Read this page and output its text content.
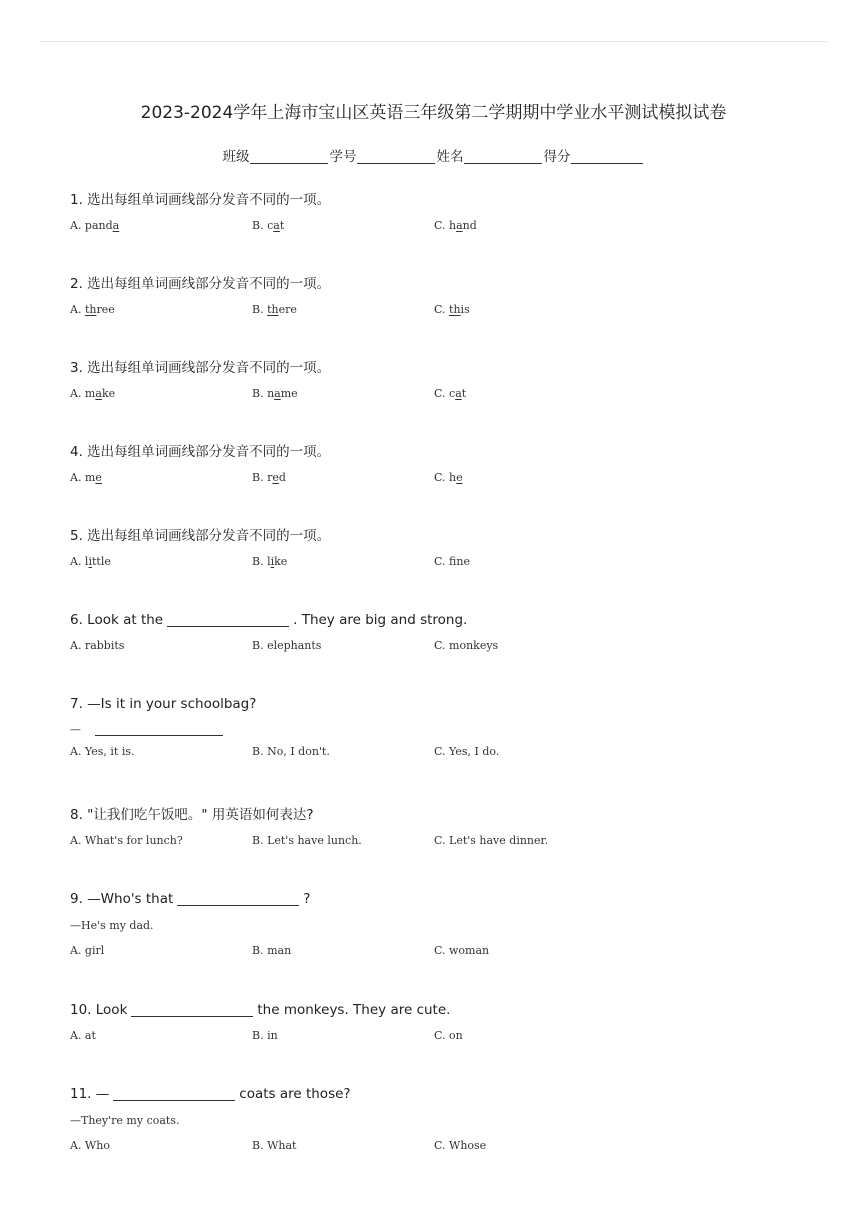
2023-2024学年上海市宝山区英语三年级第二学期期中学业水平测试模拟试卷
班级	学号	姓名	得分
1. 选出每组单词画线部分发音不同的一项。
A. panda	B. cat	C. hand
2. 选出每组单词画线部分发音不同的一项。
A. three	B. there	C. this
3. 选出每组单词画线部分发音不同的一项。
A. make	B. name	C. cat
4. 选出每组单词画线部分发音不同的一项。
A. me	B. red	C. he
5. 选出每组单词画线部分发音不同的一项。
A. little	B. like	C. fne
6. Look at the	. They are big and strong.
A. rabbits	B. elephants	C. monkeys
7. —Is it in your schoolbag?
—
A. Yes, it is.	B. No, I don't.	C. Yes, I do.
8. "让我们吃午饭吧。" 用英语如何表达?
A. What's for lunch?	B. Let's have lunch.	C. Let's have dinner.
9. —Who's that	?
—He's my dad.
A. girl	B. man	C. woman
10. Look	the monkeys. They are cute.
A. at	B. in	C. on
11. —	coats are those?
—They're my coats.
A. Who	B. What	C. Whose
